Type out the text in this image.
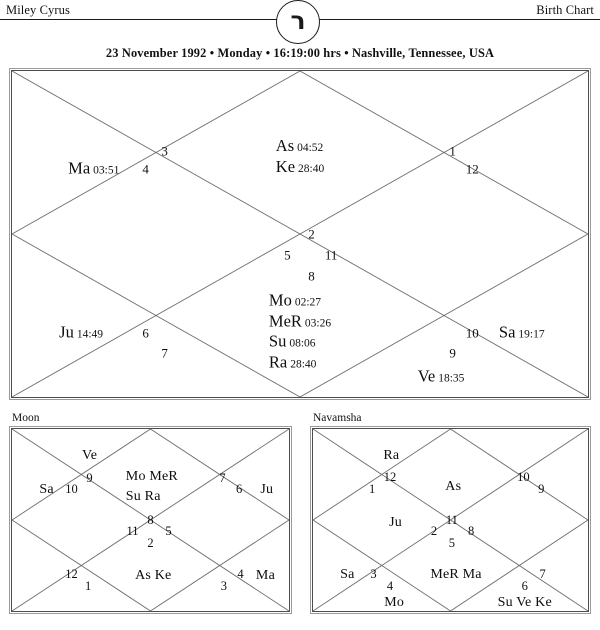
Miley Cyrus	Birth Chart
ר
23 November 1992 • Monday • 16:19:00 hrs • Nashville, Tennessee, USA
3
4
1
12
2
5	11
8
6
7
10
9
Ma 03:51
As 04:52
Ke 28:40
Mo 02:27
MeR 03:26
Su 08:06
Ra 28:40
Ju 14:49	Sa 19:17
Ve 18:35
Moon
9
10
7
6
8
11 5
2
12
1	3
4
Ve
Sa	Ju
Mo MeR
Su Ra
As Ke	Ma
Navamsha
12
1
10
9
11
2 8
5
3
4	6
7
Ra
As
Ju
Sa	MeR Ma
Mo	Su Ve Ke
